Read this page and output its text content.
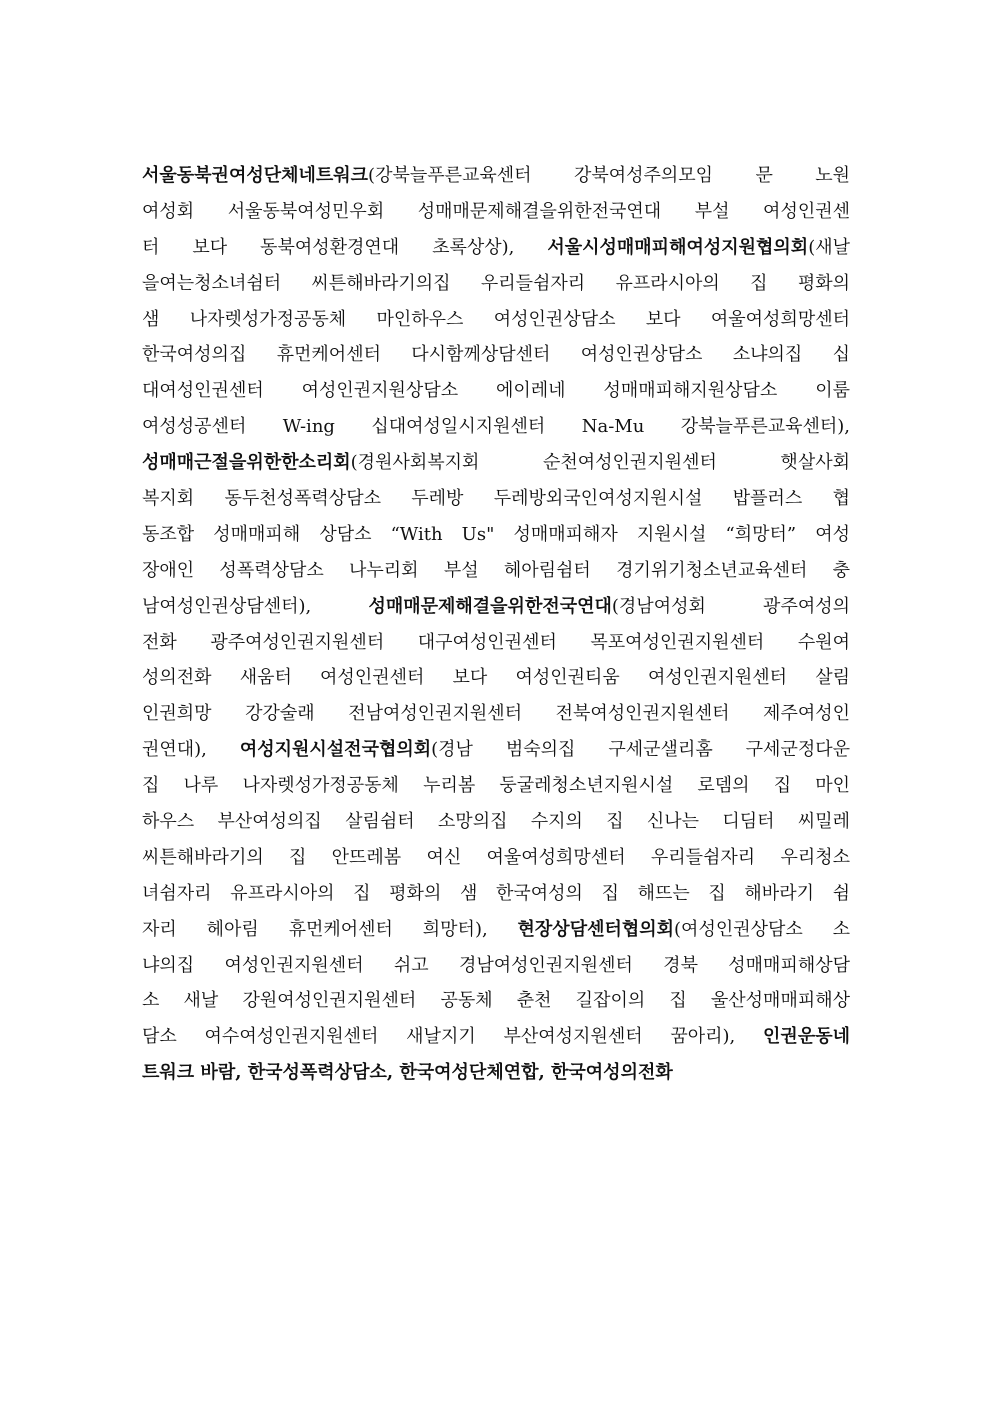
서울동북권여성단체네트워크(강북늘푸른교육센터 강북여성주의모임 문 노원
여성회 서울동북여성민우회 성매매문제해결을위한전국연대 부설 여성인권센
터 보다 동북여성환경연대 초록상상), 서울시성매매피해여성지원협의회(새날
을여는청소녀쉼터 씨튼해바라기의집 우리들쉼자리 유프라시아의 집 평화의
샘 나자렛성가정공동체 마인하우스 여성인권상담소 보다 여울여성희망센터
한국여성의집 휴먼케어센터 다시함께상담센터 여성인권상담소 소냐의집 십
대여성인권센터 여성인권지원상담소 에이레네 성매매피해지원상담소 이룸
여성성공센터 W-ing 십대여성일시지원센터 Na-Mu 강북늘푸른교육센터),
성매매근절을위한한소리회(경원사회복지회 순천여성인권지원센터 햇살사회
복지회 동두천성폭력상담소 두레방 두레방외국인여성지원시설 밥플러스 협
동조합 성매매피해 상담소 “With Us" 성매매피해자 지원시설 “희망터” 여성
장애인 성폭력상담소 나누리회 부설 헤아림쉼터 경기위기청소년교육센터 충
남여성인권상담센터), 성매매문제해결을위한전국연대(경남여성회 광주여성의
전화 광주여성인권지원센터 대구여성인권센터 목포여성인권지원센터 수원여
성의전화 새움터 여성인권센터 보다 여성인권티움 여성인권지원센터 살림
인권희망 강강술래 전남여성인권지원센터 전북여성인권지원센터 제주여성인
권연대), 여성지원시설전국협의회(경남 범숙의집 구세군샐리홈 구세군정다운
집 나루 나자렛성가정공동체 누리봄 둥굴레청소년지원시설 로뎀의 집 마인
하우스 부산여성의집 살림쉼터 소망의집 수지의 집 신나는 디딤터 씨밀레
씨튼해바라기의 집 안뜨레봄 여신 여울여성희망센터 우리들쉼자리 우리청소
녀쉼자리 유프라시아의 집 평화의 샘 한국여성의 집 해뜨는 집 해바라기 쉼
자리 헤아림 휴먼케어센터 희망터), 현장상담센터협의회(여성인권상담소 소
냐의집 여성인권지원센터 쉬고 경남여성인권지원센터 경북 성매매피해상담
소 새날 강원여성인권지원센터 공동체 춘천 길잡이의 집 울산성매매피해상
담소 여수여성인권지원센터 새날지기 부산여성지원센터 꿈아리), 인권운동네
트워크 바람, 한국성폭력상담소, 한국여성단체연합, 한국여성의전화
